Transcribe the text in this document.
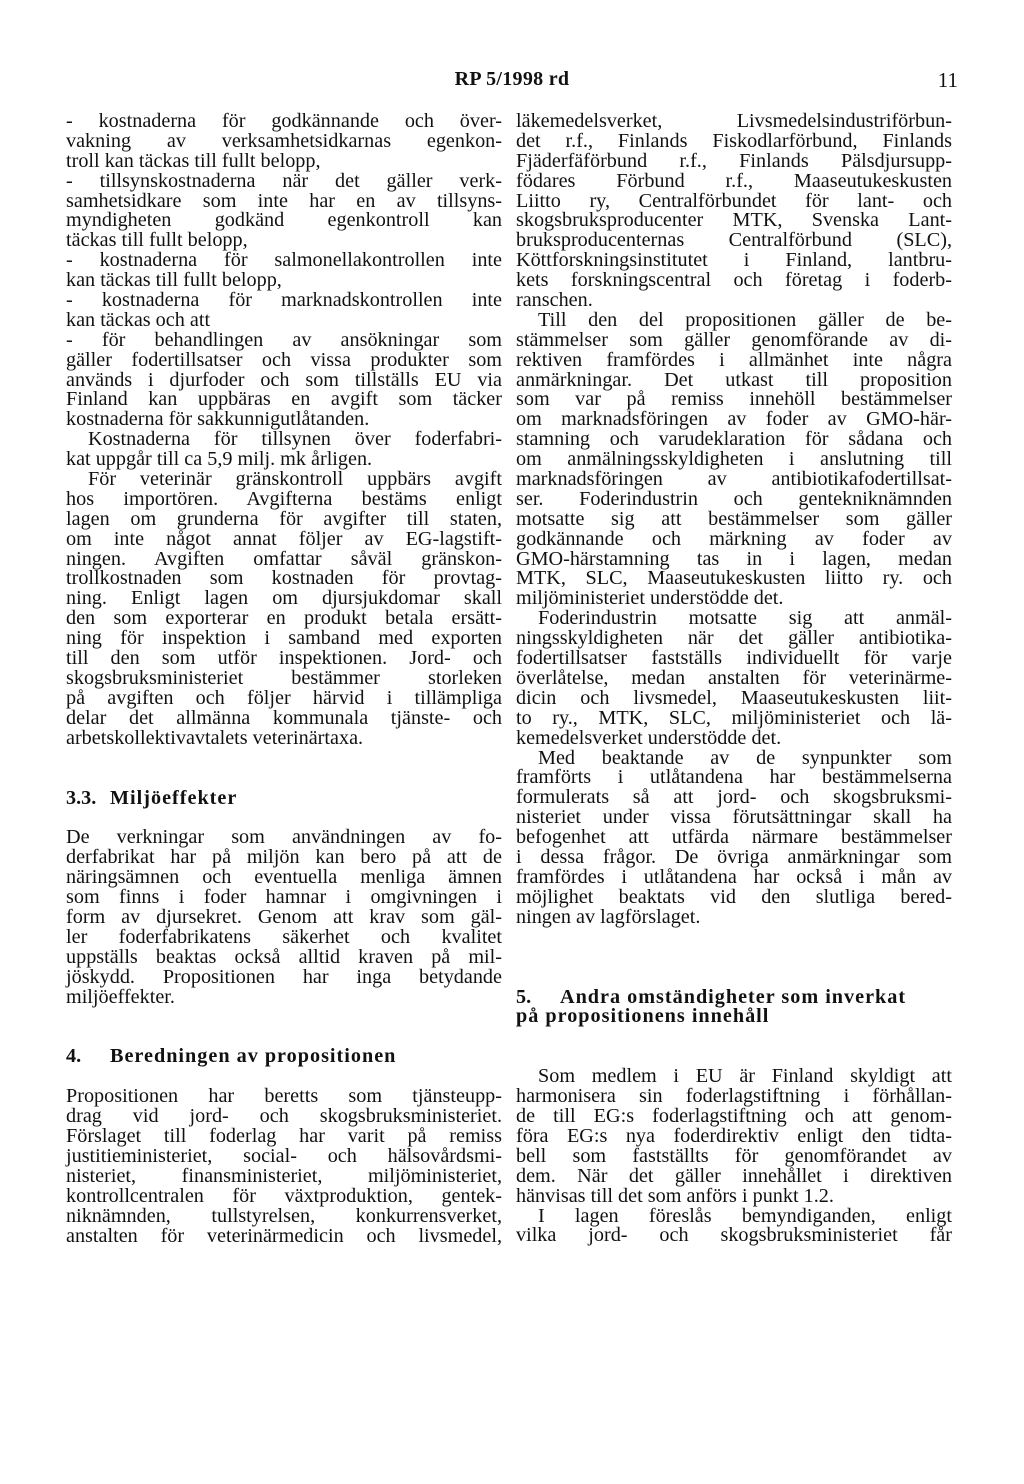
RP 5/1998 rd	11
- kostnaderna för godkännande och över-
vakning av verksamhetsidkarnas egenkon-
troll kan täckas till fullt belopp,
- tillsynskostnaderna när det gäller verk-
samhetsidkare som inte har en av tillsyns-
myndigheten godkänd egenkontroll kan
täckas till fullt belopp,
- kostnaderna för salmonellakontrollen inte
kan täckas till fullt belopp,
- kostnaderna för marknadskontrollen inte
kan täckas och att
- för behandlingen av ansökningar som
gäller fodertillsatser och vissa produkter som
används i djurfoder och som tillställs EU via
Finland kan uppbäras en avgift som täcker
kostnaderna för sakkunnigutlåtanden.
Kostnaderna för tillsynen över foderfabri-
kat uppgår till ca 5,9 milj. mk årligen.
För veterinär gränskontroll uppbärs avgift
hos importören. Avgifterna bestäms enligt
lagen om grunderna för avgifter till staten,
om inte något annat följer av EG-lagstift-
ningen. Avgiften omfattar såväl gränskon-
trollkostnaden som kostnaden för provtag-
ning. Enligt lagen om djursjukdomar skall
den som exporterar en produkt betala ersätt-
ning för inspektion i samband med exporten
till den som utför inspektionen. Jord- och
skogsbruksministeriet bestämmer storleken
på avgiften och följer härvid i tillämpliga
delar det allmänna kommunala tjänste- och
arbetskollektivavtalets veterinärtaxa.
3.3. Miljöeffekter
De verkningar som användningen av fo-
derfabrikat har på miljön kan bero på att de
näringsämnen och eventuella menliga ämnen
som finns i foder hamnar i omgivningen i
form av djursekret. Genom att krav som gäl-
ler foderfabrikatens säkerhet och kvalitet
uppställs beaktas också alltid kraven på mil-
jöskydd. Propositionen har inga betydande
miljöeffekter.
4. Beredningen av propositionen
Propositionen har beretts som tjänsteupp-
drag vid jord- och skogsbruksministeriet.
Förslaget till foderlag har varit på remiss
justitieministeriet, social- och hälsovårdsmi-
nisteriet, finansministeriet, miljöministeriet,
kontrollcentralen för växtproduktion, gentek-
niknämnden, tullstyrelsen, konkurrensverket,
anstalten för veterinärmedicin och livsmedel,
läkemedelsverket, Livsmedelsindustriförbun-
det r.f., Finlands Fiskodlarförbund, Finlands
Fjäderfäförbund r.f., Finlands Pälsdjursupp-
födares Förbund r.f., Maaseutukeskusten
Liitto ry, Centralförbundet för lant- och
skogsbruksproducenter MTK, Svenska Lant-
bruksproducenternas Centralförbund (SLC),
Köttforskningsinstitutet i Finland, lantbru-
kets forskningscentral och företag i foderb-
ranschen.
Till den del propositionen gäller de be-
stämmelser som gäller genomförande av di-
rektiven framfördes i allmänhet inte några
anmärkningar. Det utkast till proposition
som var på remiss innehöll bestämmelser
om marknadsföringen av foder av GMO-här-
stamning och varudeklaration för sådana och
om anmälningsskyldigheten i anslutning till
marknadsföringen av antibiotikafodertillsat-
ser. Foderindustrin och gentekniknämnden
motsatte sig att bestämmelser som gäller
godkännande och märkning av foder av
GMO-härstamning tas in i lagen, medan
MTK, SLC, Maaseutukeskusten liitto ry. och
miljöministeriet understödde det.
Foderindustrin motsatte sig att anmäl-
ningsskyldigheten när det gäller antibiotika-
fodertillsatser fastställs individuellt för varje
överlåtelse, medan anstalten för veterinärme-
dicin och livsmedel, Maaseutukeskusten liit-
to ry., MTK, SLC, miljöministeriet och lä-
kemedelsverket understödde det.
Med beaktande av de synpunkter som
framförts i utlåtandena har bestämmelserna
formulerats så att jord- och skogsbruksmi-
nisteriet under vissa förutsättningar skall ha
befogenhet att utfärda närmare bestämmelser
i dessa frågor. De övriga anmärkningar som
framfördes i utlåtandena har också i mån av
möjlighet beaktats vid den slutliga bered-
ningen av lagförslaget.
5. Andra omständigheter som inverkat
på propositionens innehåll
Som medlem i EU är Finland skyldigt att
harmonisera sin foderlagstiftning i förhållan-
de till EG:s foderlagstiftning och att genom-
föra EG:s nya foderdirektiv enligt den tidta-
bell som fastställts för genomförandet av
dem. När det gäller innehållet i direktiven
hänvisas till det som anförs i punkt 1.2.
I lagen föreslås bemyndiganden, enligt
vilka jord- och skogsbruksministeriet får
